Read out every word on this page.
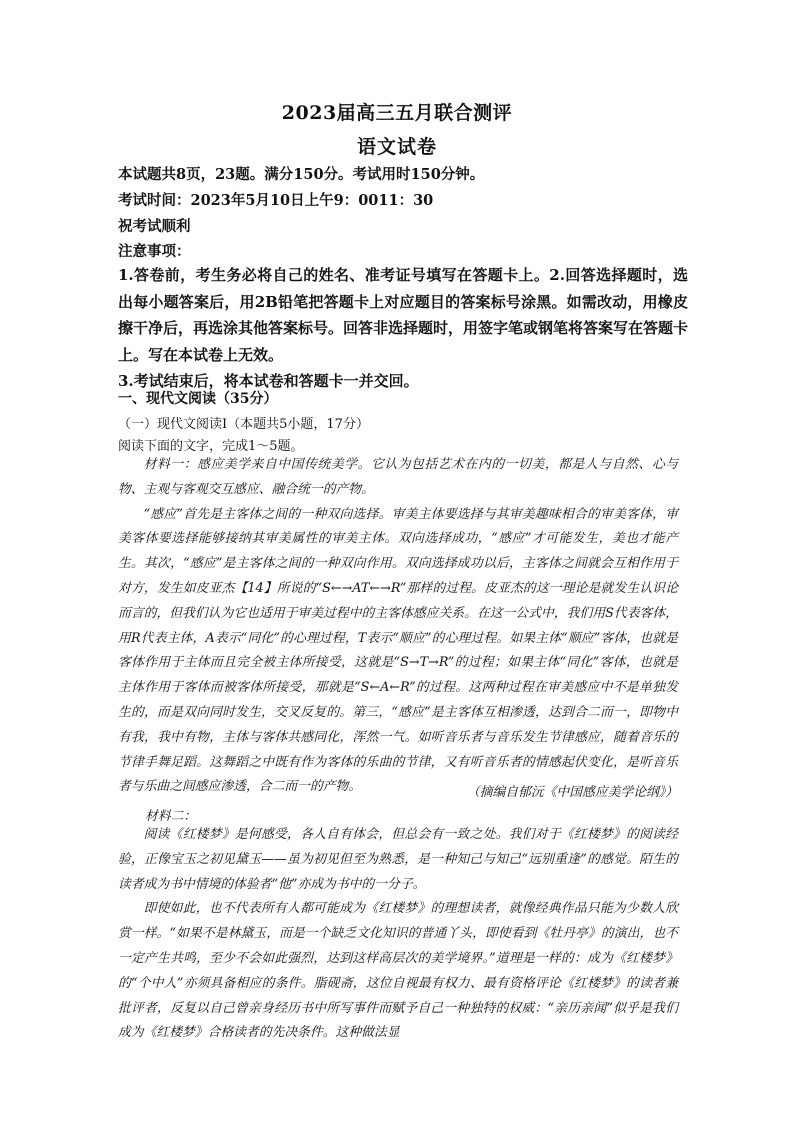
2023届高三五月联合测评
语文试卷
本试题共8页，23题。满分150分。考试用时150分钟。
考试时间：2023年5月10日上午9：0011：30
祝考试顺利
注意事项：
1.答卷前，考生务必将自己的姓名、准考证号填写在答题卡上。2.回答选择题时，选出每小题答案后，用2B铅笔把答题卡上对应题目的答案标号涂黑。如需改动，用橡皮擦干净后，再选涂其他答案标号。回答非选择题时，用签字笔或钢笔将答案写在答题卡上。写在本试卷上无效。
3.考试结束后，将本试卷和答题卡一并交回。
一、现代文阅读（35分）
（一）现代文阅读Ⅰ（本题共5小题，17分）
阅读下面的文字，完成1～5题。

材料一：感应美学来自中国传统美学。它认为包括艺术在内的一切美，都是人与自然、心与物、主观与客观交互感应、融合统一的产物。

“感应”首先是主客体之间的一种双向选择。审美主体要选择与其审美趣味相合的审美客体，审美客体要选择能够接纳其审美属性的审美主体。双向选择成功，“感应”才可能发生，美也才能产生。其次，“感应”是主客体之间的一种双向作用。双向选择成功以后，主客体之间就会互相作用于对方，发生如皮亚杰【14】所说的“S←→AT←→R”那样的过程。皮亚杰的这一理论是就发生认识论而言的，但我们认为它也适用于审美过程中的主客体感应关系。在这一公式中，我们用S代表客体，用R代表主体，A表示“同化”的心理过程，T表示“顺应”的心理过程。如果主体“顺应”客体，也就是客体作用于主体而且完全被主体所接受，这就是“S→T→R”的过程；如果主体“同化”客体，也就是主体作用于客体而被客体所接受，那就是“S←A←R”的过程。这两种过程在审美感应中不是单独发生的，而是双向同时发生，交叉反复的。第三，“感应”是主客体互相渗透，达到合二而一，即物中有我，我中有物，主体与客体共感同化，浑然一气。如听音乐者与音乐发生节律感应，随着音乐的节律手舞足蹈。这舞蹈之中既有作为客体的乐曲的节律，又有听音乐者的情感起伏变化，是听音乐者与乐曲之间感应渗透，合二而一的产物。	（摘编自郁沅《中国感应美学论纲》）
材料二：

阅读《红楼梦》是何感受，各人自有体会，但总会有一致之处。我们对于《红楼梦》的阅读经验，正像宝玉之初见黛玉——虽为初见但至为熟悉，是一种知己与知己“远别重逢”的感觉。陌生的读者成为书中情境的体验者“他”亦成为书中的一分子。

即使如此，也不代表所有人都可能成为《红楼梦》的理想读者，就像经典作品只能为少数人欣赏一样。“如果不是林黛玉，而是一个缺乏文化知识的普通丫头，即使看到《牡丹亭》的演出，也不一定产生共鸣，至少不会如此强烈，达到这样高层次的美学境界。”道理是一样的：成为《红楼梦》的“个中人”亦须具备相应的条件。脂砚斋，这位自视最有权力、最有资格评论《红楼梦》的读者兼批评者，反复以自己曾亲身经历书中所写事件而赋予自己一种独特的权威：“亲历亲闻”似乎是我们成为《红楼梦》合格读者的先决条件。这种做法显
